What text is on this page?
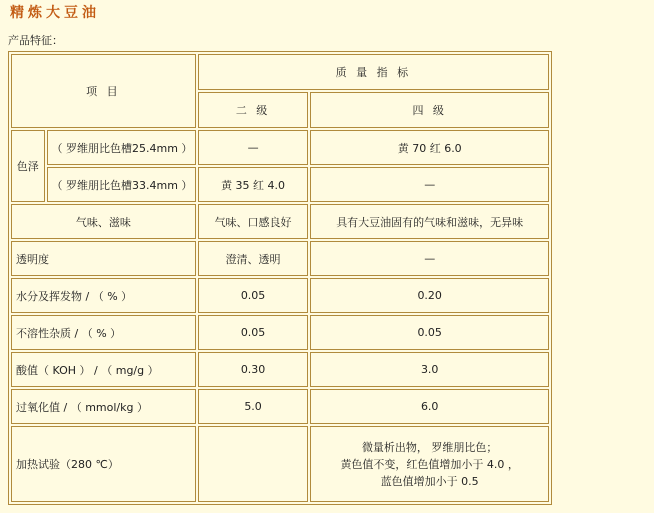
精炼大豆油
产品特征：
项 目		质 量 指 标	
		二 级	四 级
色泽	（ 罗维朋比色槽25.4mm ）	—	黄 70 红 6.0
	（ 罗维朋比色槽33.4mm ）	黄 35 红 4.0	—
气味、滋味		气味、口感良好	具有大豆油固有的气味和滋味，无异味
透明度		澄清、透明	—
水分及挥发物 / （ % ）		0.05	0.20
不溶性杂质 / （ % ）		0.05	0.05
酸值（ KOH ） / （ mg/g ）		0.30	3.0
过氧化值 / （ mmol/kg ）		5.0	6.0
加热试验（280 ℃）			微量析出物， 罗维朋比色；
黄色值不变，红色值增加小于 4.0 ，
蓝色值增加小于 0.5
